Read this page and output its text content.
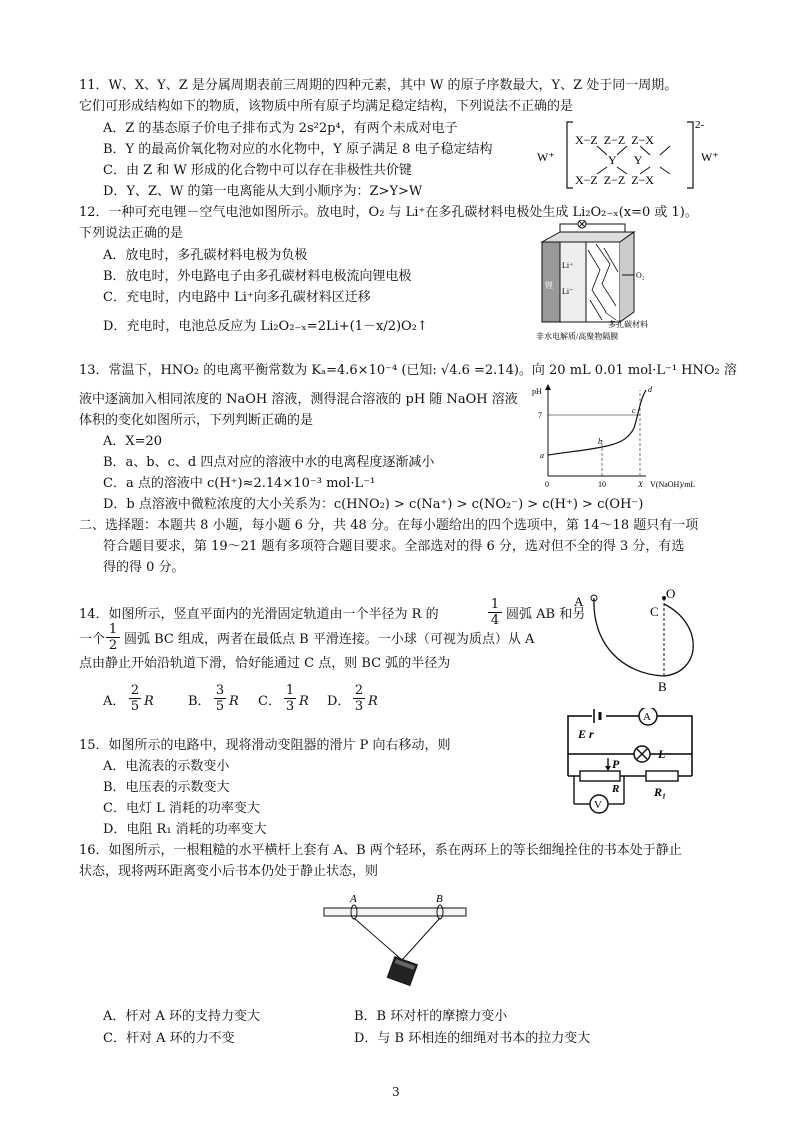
11．W、X、Y、Z 是分属周期表前三周期的四种元素，其中 W 的原子序数最大，Y、Z 处于同一周期。
它们可形成结构如下的物质，该物质中所有原子均满足稳定结构，下列说法不正确的是
A．Z 的基态原子价电子排布式为 2s²2p⁴，有两个未成对电子
B．Y 的最高价氧化物对应的水化物中，Y 原子满足 8 电子稳定结构
C．由 Z 和 W 形成的化合物中可以存在非极性共价键
D．Y、Z、W 的第一电离能从大到小顺序为：Z>Y>W
W⁺
2-
W⁺
X−Z  Z−Z  Z−X
Y      Y
X−Z  Z−Z  Z−X
12．一种可充电锂－空气电池如图所示。放电时，O₂ 与 Li⁺在多孔碳材料电极处生成 Li₂O₂₋ₓ(x=0 或 1)。
下列说法正确的是
A．放电时，多孔碳材料电极为负极
B．放电时，外电路电子由多孔碳材料电极流向锂电极
C．充电时，内电路中 Li⁺向多孔碳材料区迁移
D．充电时，电池总反应为 Li₂O₂₋ₓ=2Li+(1－x/2)O₂↑
锂
Li⁺
Li⁻
O₂
多孔碳材料
非水电解质/高聚物隔膜
13．常温下，HNO₂ 的电离平衡常数为 Kₐ=4.6×10⁻⁴ (已知: √4.6 =2.14)。向 20 mL 0.01 mol·L⁻¹ HNO₂ 溶
液中逐滴加入相同浓度的 NaOH 溶液，测得混合溶液的 pH 随 NaOH 溶液
体积的变化如图所示，下列判断正确的是
A．X=20
B．a、b、c、d 四点对应的溶液中水的电离程度逐渐减小
C．a 点的溶液中 c(H⁺)≈2.14×10⁻³ mol·L⁻¹
D．b 点溶液中微粒浓度的大小关系为：c(HNO₂) > c(Na⁺) > c(NO₂⁻) > c(H⁺) > c(OH⁻)
pH
7
a
b
c
d
0	10	X V(NaOH)/mL
二、选择题：本题共 8 小题，每小题 6 分，共 48 分。在每小题给出的四个选项中，第 14～18 题只有一项
符合题目要求，第 19～21 题有多项符合题目要求。全部选对的得 6 分，选对但不全的得 3 分，有选
得的得 0 分。
14．如图所示，竖直平面内的光滑固定轨道由一个半径为 R 的
1
4 圆弧 AB 和另
一个
1
2 圆弧 BC 组成，两者在最低点 B 平滑连接。一小球（可视为质点）从 A
点由静止开始沿轨道下滑，恰好能通过 C 点，则 BC 弧的半径为
A．
2
5 R	B．
3
5 R C．
1
3 R D．
2
3 R
A
O
C
B
15．如图所示的电路中，现将滑动变阻器的滑片 P 向右移动，则
A．电流表的示数变小
B．电压表的示数变大
C．电灯 L 消耗的功率变大
D．电阻 R₁ 消耗的功率变大
E r
A
L
P
R	R₁
V
16．如图所示，一根粗糙的水平横杆上套有 A、B 两个轻环，系在两环上的等长细绳拴住的书本处于静止
状态，现将两环距离变小后书本仍处于静止状态，则
A	B
A．杆对 A 环的支持力变大	B．B 环对杆的摩擦力变小
C．杆对 A 环的力不变	D．与 B 环相连的细绳对书本的拉力变大
3
